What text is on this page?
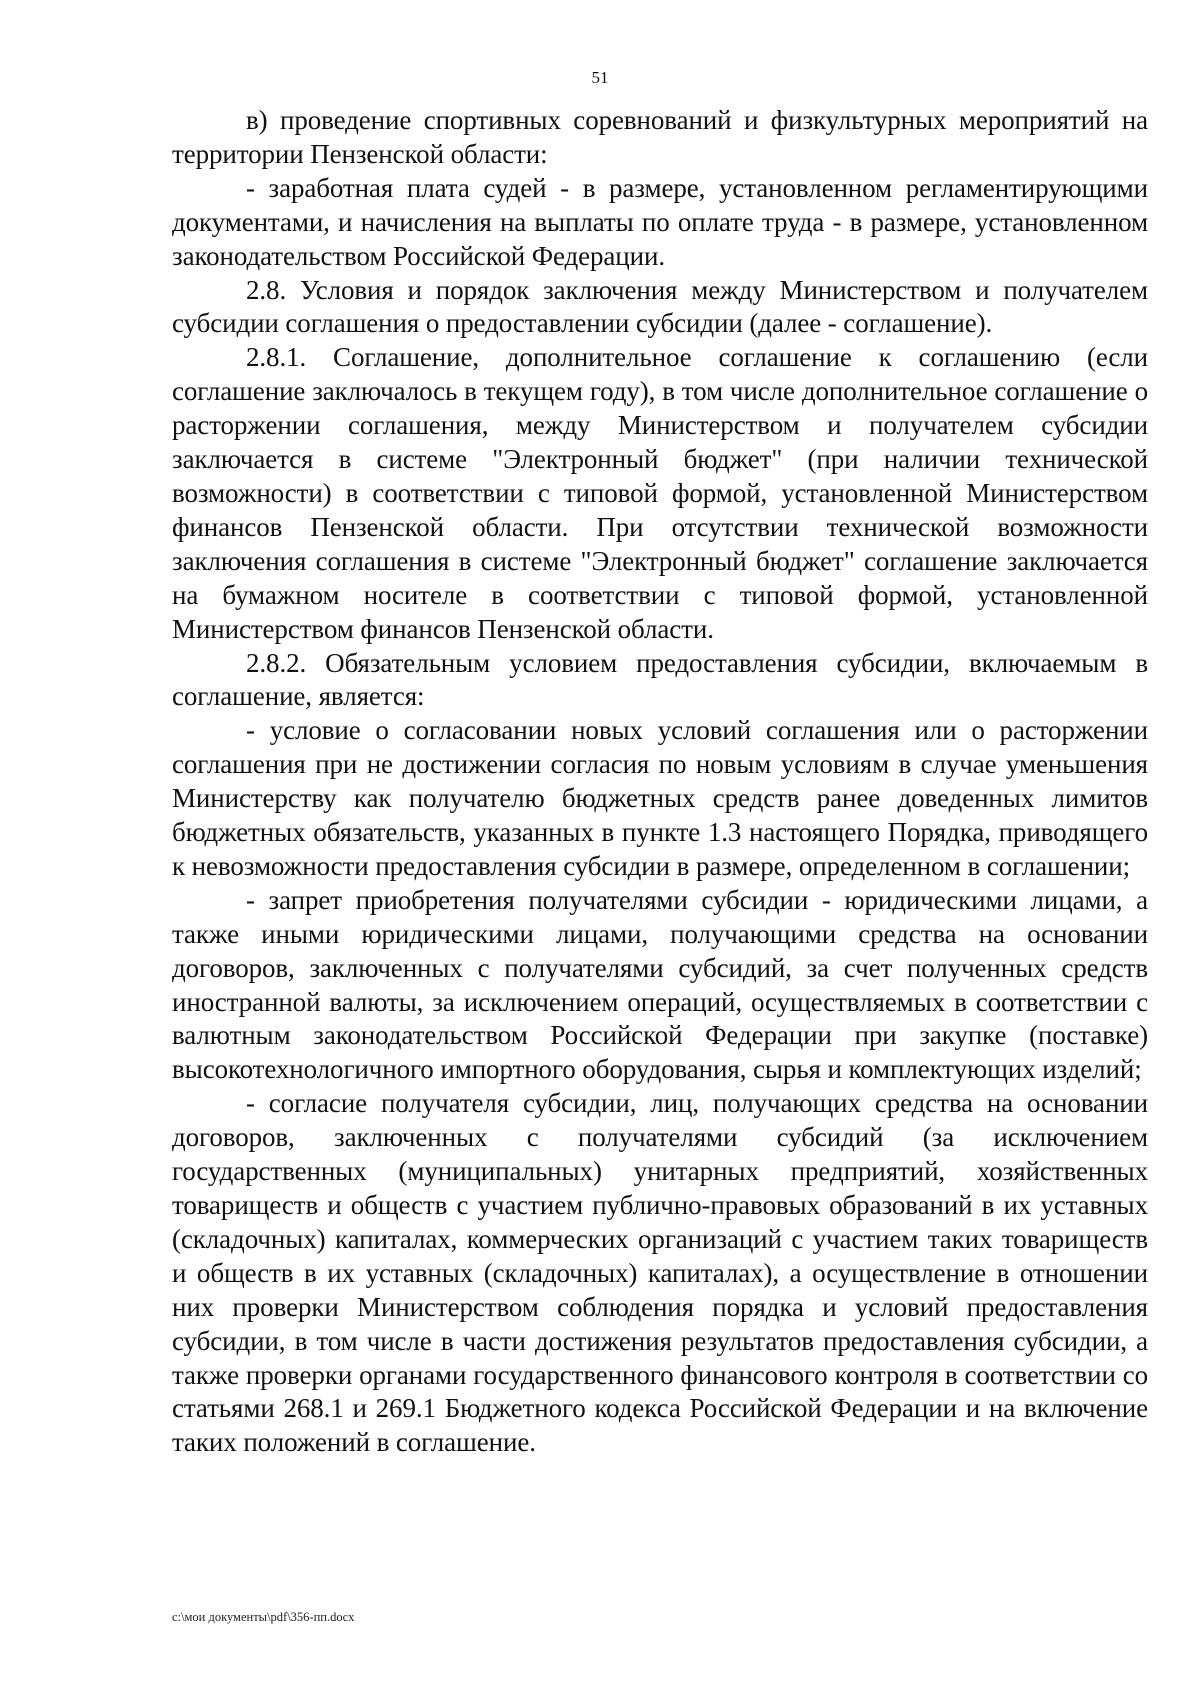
51

в) проведение спортивных соревнований и физкультурных мероприятий на территории Пензенской области:

- заработная плата судей - в размере, установленном регламентирующими документами, и начисления на выплаты по оплате труда - в размере, установленном законодательством Российской Федерации.

2.8. Условия и порядок заключения между Министерством и получателем субсидии соглашения о предоставлении субсидии (далее - соглашение).

2.8.1. Соглашение, дополнительное соглашение к соглашению (если соглашение заключалось в текущем году), в том числе дополнительное соглашение о расторжении соглашения, между Министерством и получателем субсидии заключается в системе "Электронный бюджет" (при наличии технической возможности) в соответствии с типовой формой, установленной Министерством финансов Пензенской области. При отсутствии технической возможности заключения соглашения в системе "Электронный бюджет" соглашение заключается на бумажном носителе в соответствии с типовой формой, установленной Министерством финансов Пензенской области.

2.8.2. Обязательным условием предоставления субсидии, включаемым в соглашение, является:

- условие о согласовании новых условий соглашения или о расторжении соглашения при не достижении согласия по новым условиям в случае уменьшения Министерству как получателю бюджетных средств ранее доведенных лимитов бюджетных обязательств, указанных в пункте 1.3 настоящего Порядка, приводящего к невозможности предоставления субсидии в размере, определенном в соглашении;

- запрет приобретения получателями субсидии - юридическими лицами, а также иными юридическими лицами, получающими средства на основании договоров, заключенных с получателями субсидий, за счет полученных средств иностранной валюты, за исключением операций, осуществляемых в соответствии с валютным законодательством Российской Федерации при закупке (поставке) высокотехнологичного импортного оборудования, сырья и комплектующих изделий;

- согласие получателя субсидии, лиц, получающих средства на основании договоров, заключенных с получателями субсидий (за исключением государственных (муниципальных) унитарных предприятий, хозяйственных товариществ и обществ с участием публично-правовых образований в их уставных (складочных) капиталах, коммерческих организаций с участием таких товариществ и обществ в их уставных (складочных) капиталах), а осуществление в отношении них проверки Министерством соблюдения порядка и условий предоставления субсидии, в том числе в части достижения результатов предоставления субсидии, а также проверки органами государственного финансового контроля в соответствии со статьями 268.1 и 269.1 Бюджетного кодекса Российской Федерации и на включение таких положений в соглашение.

c:\мои документы\pdf\356-пп.docx
